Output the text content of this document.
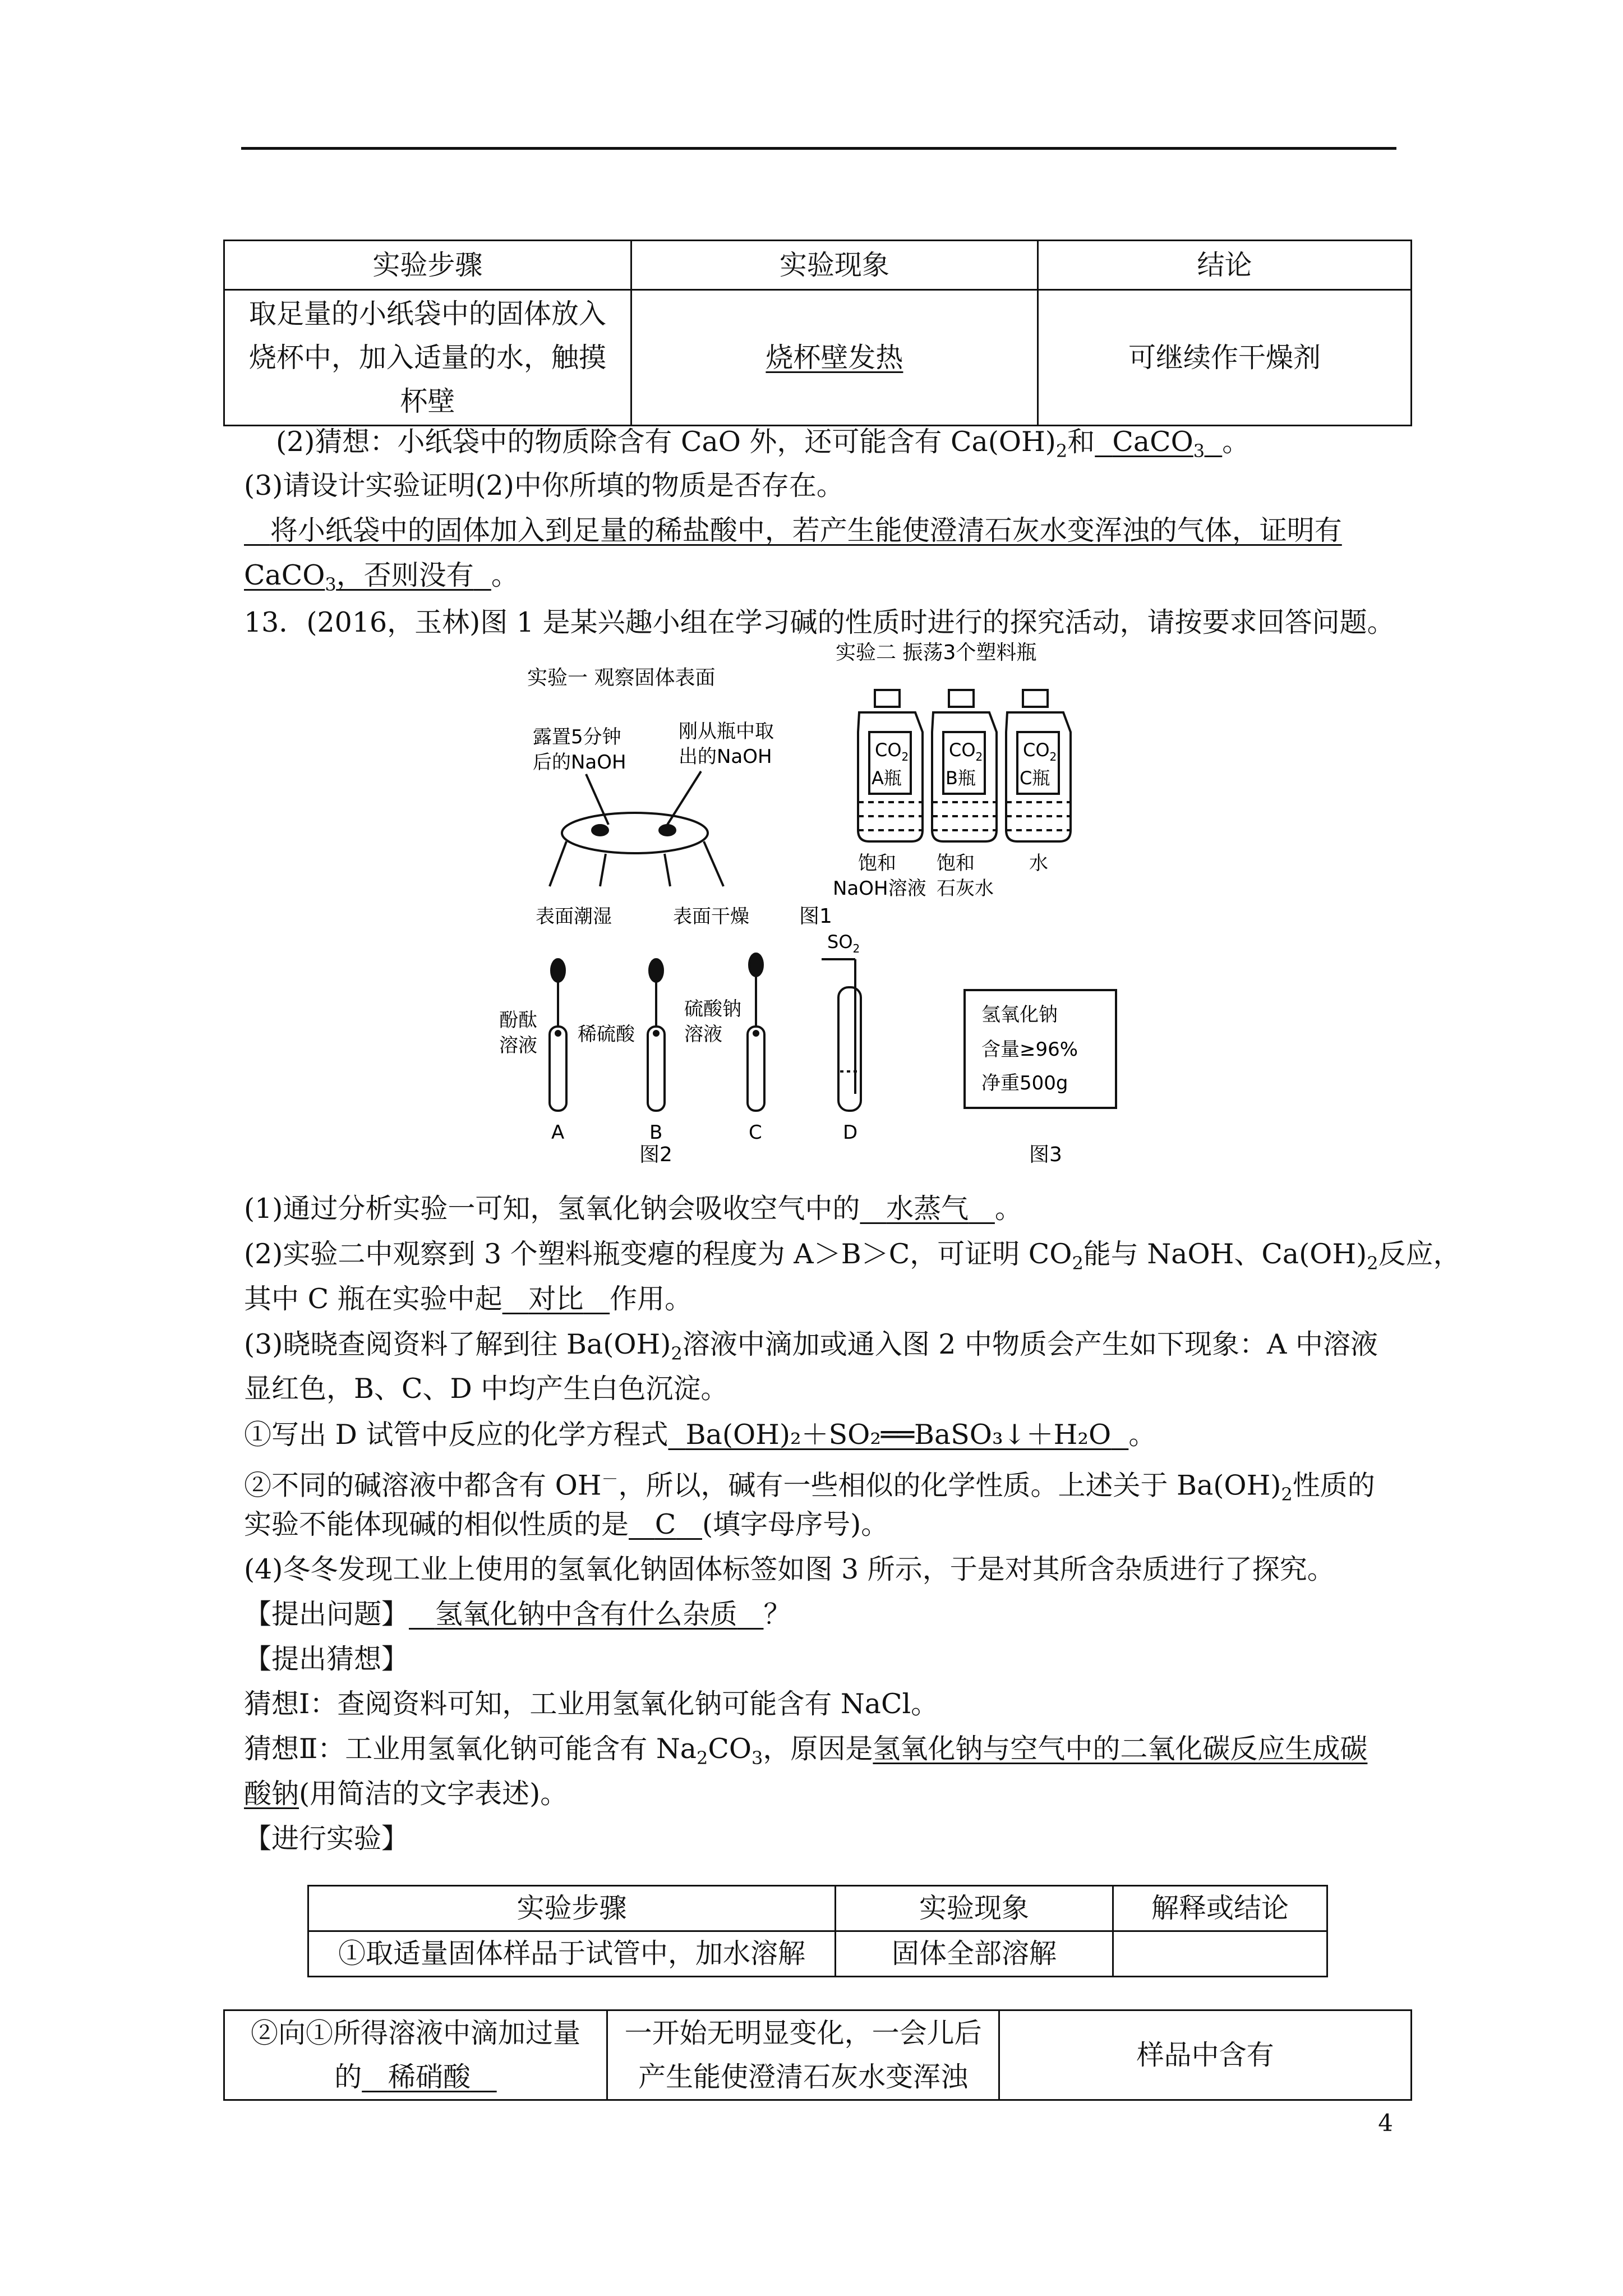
实验步骤	实验现象	结论

取足量的小纸袋中的固体放入
烧杯中，加入适量的水，触摸
杯壁	烧杯壁发热	可继续作干燥剂
(2)猜想：小纸袋中的物质除含有 CaO 外，还可能含有 $Ca(OH)_2$和 CaCO$_3$ 。
(3)请设计实验证明(2)中你所填的物质是否存在。
将小纸袋中的固体加入到足量的稀盐酸中，若产生能使澄清石灰水变浑浊的气体，证明有
CaCO$_3$，否则没有 。
13．(2016，玉林)图 1 是某兴趣小组在学习碱的性质时进行的探究活动，请按要求回答问题。
实验二 振荡3个塑料瓶
实验一 观察固体表面
露置5分钟
后的NaOH
刚从瓶中取
出的NaOH
表面潮湿	表面干燥
$CO_2$ $CO_2$ $CO_2$
A瓶 B瓶 C瓶
饱和 饱和	水
NaOH溶液 石灰水
图1
$SO_2$
酚酞
溶液 稀硫酸
硫酸钠
溶液
A	B	C	D
图2
氢氧化钠
含量≥96%
净重500g
图3
(1)通过分析实验一可知，氢氧化钠会吸收空气中的 水蒸气 。
(2)实验二中观察到 3 个塑料瓶变瘪的程度为 A＞B＞C，可证明 $CO_2$能与 NaOH、$Ca(OH)_2$反应，
其中 C 瓶在实验中起 对比 作用。
(3)晓晓查阅资料了解到往 $Ba(OH)_2$溶液中滴加或通入图 2 中物质会产生如下现象：A 中溶液
显红色，B、C、D 中均产生白色沉淀。
①写出 D 试管中反应的化学方程式 Ba(OH)₂＋SO₂══BaSO₃↓＋H₂O 。
②不同的碱溶液中都含有 OH－，所以，碱有一些相似的化学性质。上述关于 $Ba(OH)_2$性质的
实验不能体现碱的相似性质的是 C (填字母序号)。
(4)冬冬发现工业上使用的氢氧化钠固体标签如图 3 所示，于是对其所含杂质进行了探究。
【提出问题】 氢氧化钠中含有什么杂质 ？
【提出猜想】
猜想Ⅰ：查阅资料可知，工业用氢氧化钠可能含有 NaCl。
猜想Ⅱ：工业用氢氧化钠可能含有 $Na_2CO_3$，原因是氢氧化钠与空气中的二氧化碳反应生成碳
酸钠(用简洁的文字表述)。
【进行实验】
实验步骤	实验现象	解释或结论
①取适量固体样品于试管中，加水溶解	固体全部溶解	
②向①所得溶液中滴加过量
的 稀硝酸

一开始无明显变化，一会儿后
产生能使澄清石灰水变浑浊
	样品中含有
4
